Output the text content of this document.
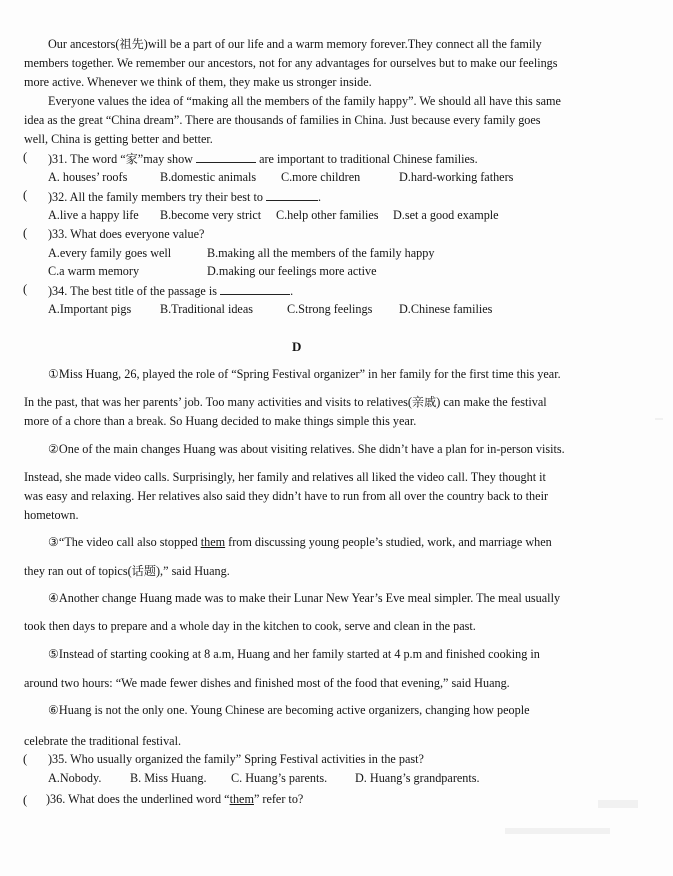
Our ancestors(祖先)will be a part of our life and a warm memory forever.They connect all the family
members together. We remember our ancestors, not for any advantages for ourselves but to make our feelings
more active. Whenever we think of them, they make us stronger inside.
Everyone values the idea of “making all the members of the family happy”. We should all have this same
idea as the great “China dream”. There are thousands of families in China. Just because every family goes
well, China is getting better and better.
( )31. The word “家”may show	are important to traditional Chinese families.
A. houses’ roofs	B.domestic animals C.more children	D.hard-working fathers
( )32. All the family members try their best to	.
A.live a happy life B.become very strict C.help other families D.set a good example
( )33. What does everyone value?
A.every family goes well	B.making all the members of the family happy
C.a warm memory	D.making our feelings more active
( )34. The best title of the passage is	.
A.Important pigs B.Traditional ideas	C.Strong feelings D.Chinese families
D
①Miss Huang, 26, played the role of “Spring Festival organizer” in her family for the first time this year.
In the past, that was her parents’ job. Too many activities and visits to relatives(亲戚) can make the festival
more of a chore than a break. So Huang decided to make things simple this year.
②One of the main changes Huang was about visiting relatives. She didn’t have a plan for in-person visits.
Instead, she made video calls. Surprisingly, her family and relatives all liked the video call. They thought it
was easy and relaxing. Her relatives also said they didn’t have to run from all over the country back to their
hometown.
③“The video call also stopped them from discussing young people’s studied, work, and marriage when
they ran out of topics(话题),” said Huang.
④Another change Huang made was to make their Lunar New Year’s Eve meal simpler. The meal usually
took then days to prepare and a whole day in the kitchen to cook, serve and clean in the past.
⑤Instead of starting cooking at 8 a.m, Huang and her family started at 4 p.m and finished cooking in
around two hours: “We made fewer dishes and finished most of the food that evening,” said Huang.
⑥Huang is not the only one. Young Chinese are becoming active organizers, changing how people
celebrate the traditional festival.
( )35. Who usually organized the family” Spring Festival activities in the past?
A.Nobody. B. Miss Huang. C. Huang’s parents. D. Huang’s grandparents.
( )36. What does the underlined word “them” refer to?
